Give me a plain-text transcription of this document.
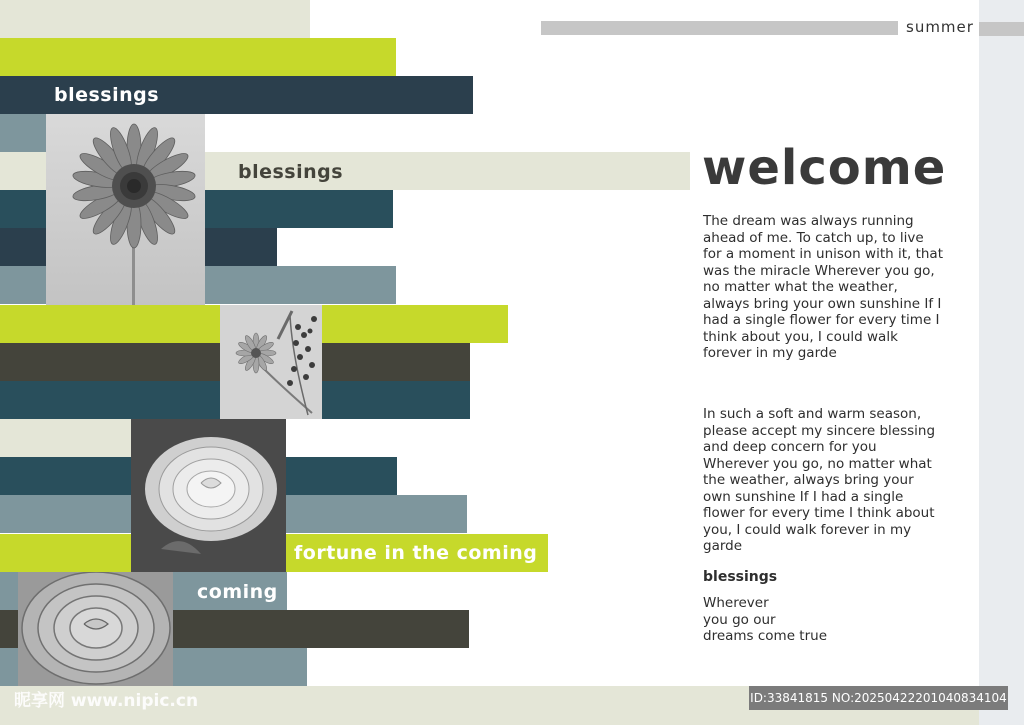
summer
blessings
blessings
fortune in the coming
coming
welcome
The dream was always running ahead of me. To catch up, to live for a moment in unison with it, that was the miracle Wherever you go, no matter what the weather, always bring your own sunshine If I had a single flower for every time I think about you, I could walk forever in my garde
In such a soft and warm season, please accept my sincere blessing and deep concern for you Wherever you go, no matter what the weather, always bring your own sunshine If I had a single flower for every time I think about you, I could walk forever in my garde
blessings
Wherever
you go our
dreams come true
昵享网 www.nipic.cn	ID:33841815 NO:20250422201040834104
